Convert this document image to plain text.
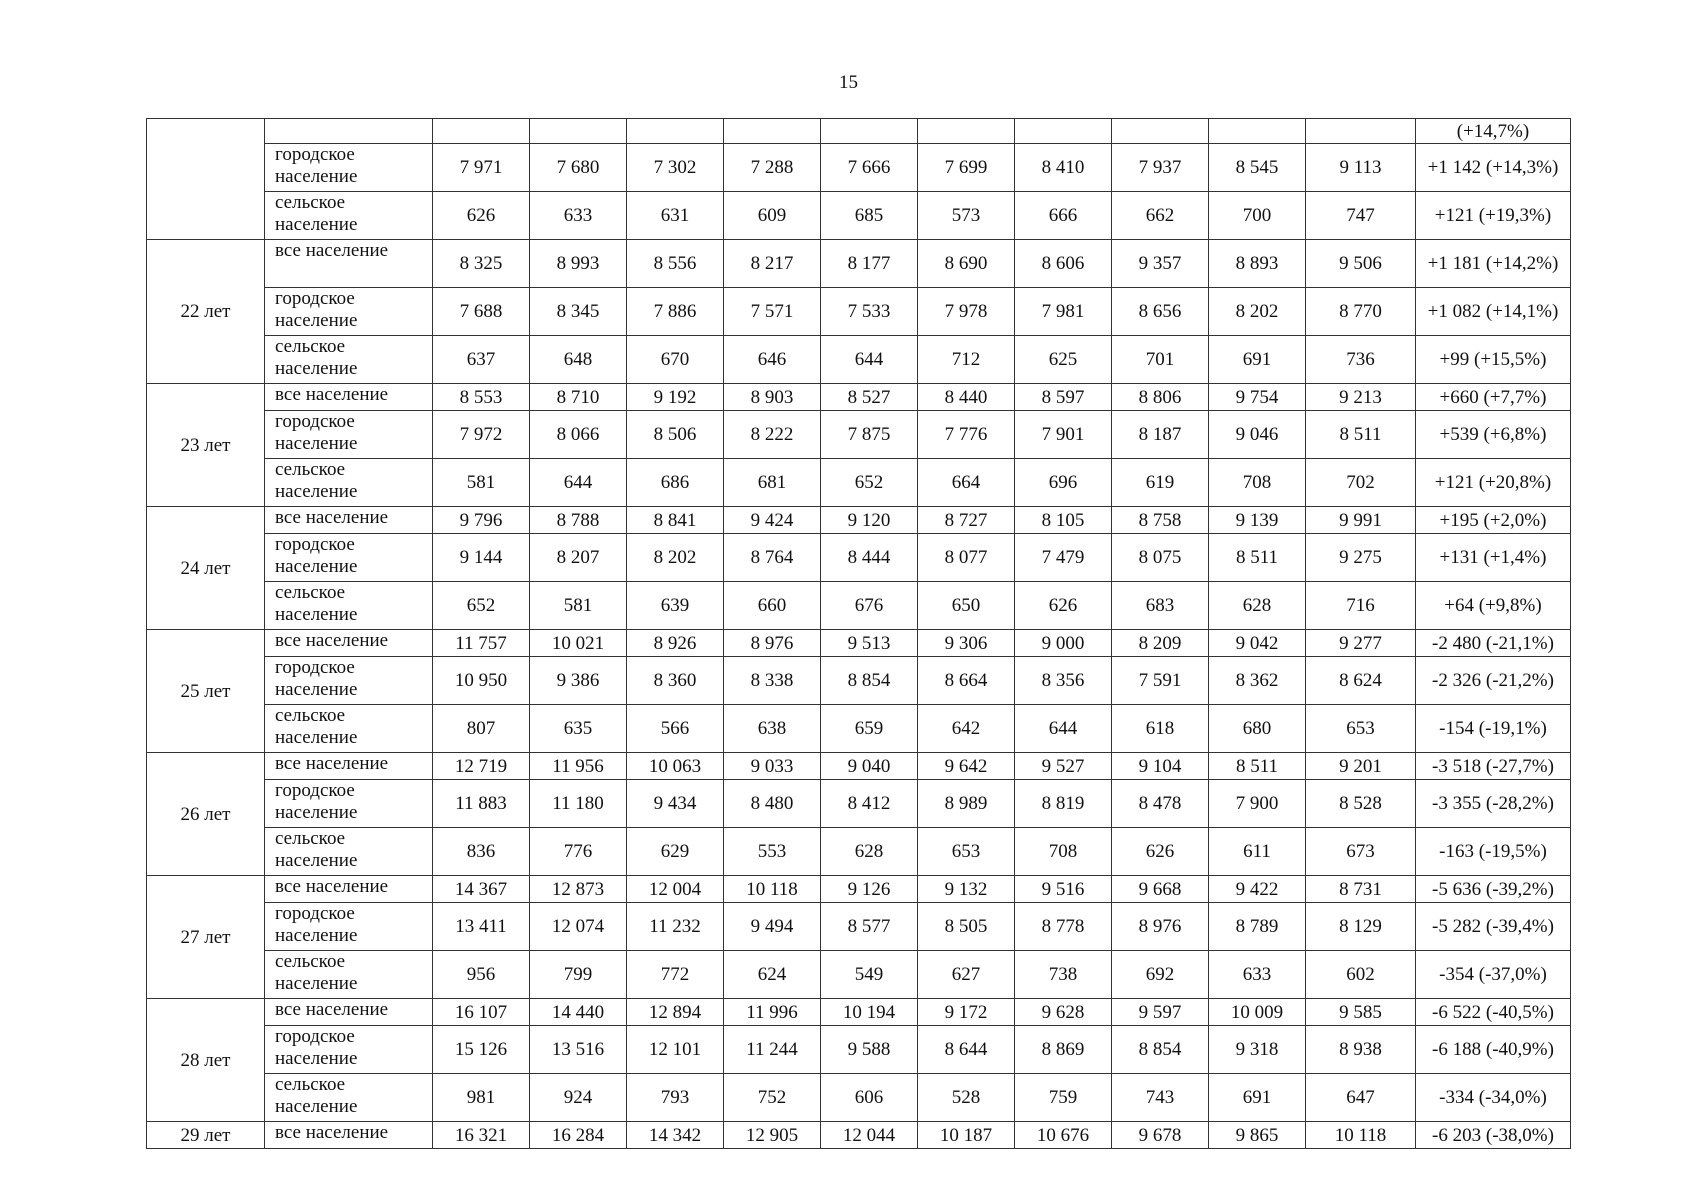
15
												(+14,7%)
	городское население	7 971	7 680	7 302	7 288	7 666	7 699	8 410	7 937	8 545	9 113	+1 142 (+14,3%)
	сельское население	626	633	631	609	685	573	666	662	700	747	+121 (+19,3%)
22 лет	все население	8 325	8 993	8 556	8 217	8 177	8 690	8 606	9 357	8 893	9 506	+1 181 (+14,2%)
	городское население	7 688	8 345	7 886	7 571	7 533	7 978	7 981	8 656	8 202	8 770	+1 082 (+14,1%)
	сельское население	637	648	670	646	644	712	625	701	691	736	+99 (+15,5%)
23 лет	все население	8 553	8 710	9 192	8 903	8 527	8 440	8 597	8 806	9 754	9 213	+660 (+7,7%)
	городское население	7 972	8 066	8 506	8 222	7 875	7 776	7 901	8 187	9 046	8 511	+539 (+6,8%)
	сельское население	581	644	686	681	652	664	696	619	708	702	+121 (+20,8%)
24 лет	все население	9 796	8 788	8 841	9 424	9 120	8 727	8 105	8 758	9 139	9 991	+195 (+2,0%)
	городское население	9 144	8 207	8 202	8 764	8 444	8 077	7 479	8 075	8 511	9 275	+131 (+1,4%)
	сельское население	652	581	639	660	676	650	626	683	628	716	+64 (+9,8%)
25 лет	все население	11 757	10 021	8 926	8 976	9 513	9 306	9 000	8 209	9 042	9 277	-2 480 (-21,1%)
	городское население	10 950	9 386	8 360	8 338	8 854	8 664	8 356	7 591	8 362	8 624	-2 326 (-21,2%)
	сельское население	807	635	566	638	659	642	644	618	680	653	-154 (-19,1%)
26 лет	все население	12 719	11 956	10 063	9 033	9 040	9 642	9 527	9 104	8 511	9 201	-3 518 (-27,7%)
	городское население	11 883	11 180	9 434	8 480	8 412	8 989	8 819	8 478	7 900	8 528	-3 355 (-28,2%)
	сельское население	836	776	629	553	628	653	708	626	611	673	-163 (-19,5%)
27 лет	все население	14 367	12 873	12 004	10 118	9 126	9 132	9 516	9 668	9 422	8 731	-5 636 (-39,2%)
	городское население	13 411	12 074	11 232	9 494	8 577	8 505	8 778	8 976	8 789	8 129	-5 282 (-39,4%)
	сельское население	956	799	772	624	549	627	738	692	633	602	-354 (-37,0%)
28 лет	все население	16 107	14 440	12 894	11 996	10 194	9 172	9 628	9 597	10 009	9 585	-6 522 (-40,5%)
	городское население	15 126	13 516	12 101	11 244	9 588	8 644	8 869	8 854	9 318	8 938	-6 188 (-40,9%)
	сельское население	981	924	793	752	606	528	759	743	691	647	-334 (-34,0%)
29 лет	все население	16 321	16 284	14 342	12 905	12 044	10 187	10 676	9 678	9 865	10 118	-6 203 (-38,0%)
